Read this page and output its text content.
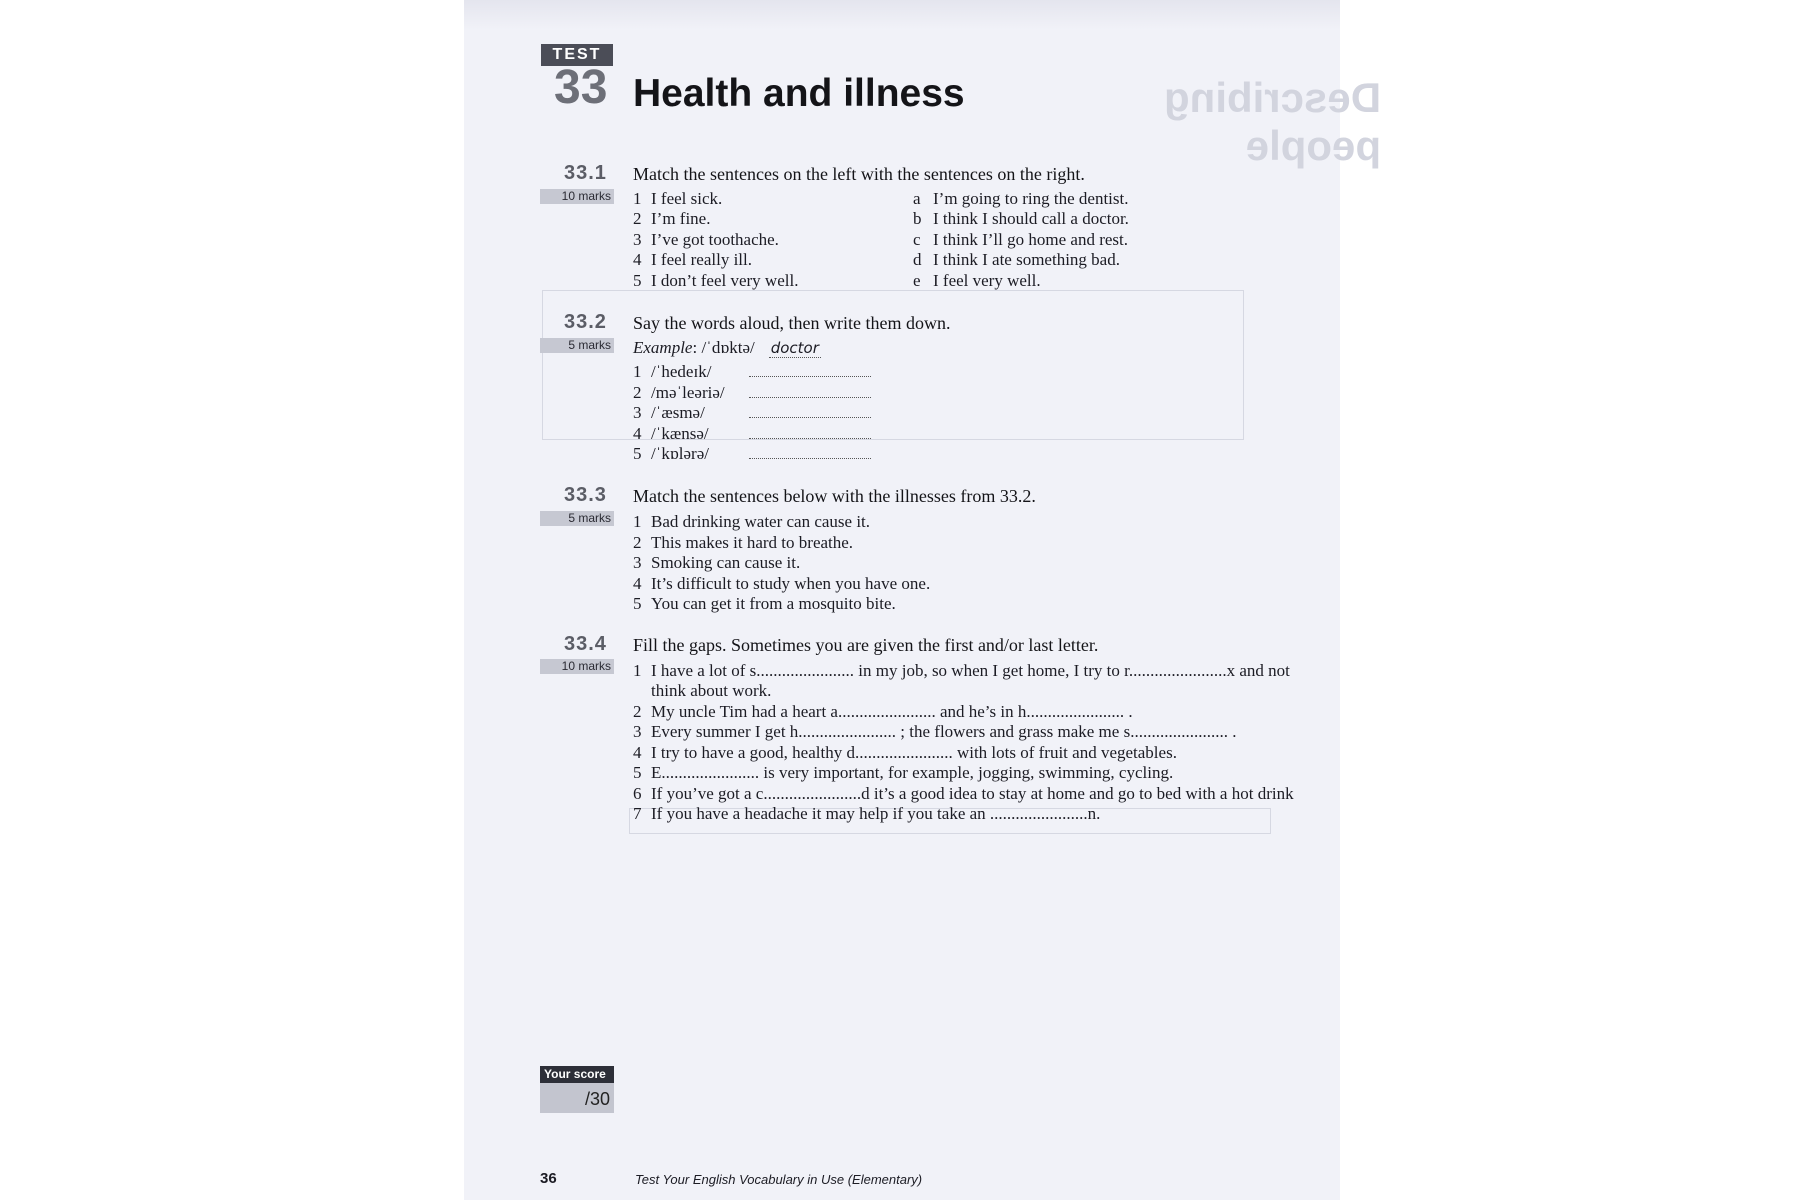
Describing people
TEST
33 Health and illness
33.1
10 marks

Match the sentences on the left with the sentences on the right.

1 I feel sick.
2 I’m fine.
3 I’ve got toothache.
4 I feel really ill.
5 I don’t feel very well.
a I’m going to ring the dentist.
b I think I should call a doctor.
c I think I’ll go home and rest.
d I think I ate something bad.
e I feel very well.
33.2
5 marks

Say the words aloud, then write them down.

Example: /ˈdɒktə/ doctor
1 /ˈhedeɪk/
2 /məˈleəriə/
3 /ˈæsmə/
4 /ˈkænsə/
5 /ˈkɒlərə/
33.3
5 marks

Match the sentences below with the illnesses from 33.2.

1 Bad drinking water can cause it.
2 This makes it hard to breathe.
3 Smoking can cause it.
4 It’s difficult to study when you have one.
5 You can get it from a mosquito bite.
33.4
10 marks

Fill the gaps. Sometimes you are given the first and/or last letter.

1 I have a lot of s....................... in my job, so when I get home, I try to r.......................x and not
think about work.
2 My uncle Tim had a heart a....................... and he’s in h....................... .
3 Every summer I get h....................... ; the flowers and grass make me s....................... .
4 I try to have a good, healthy d....................... with lots of fruit and vegetables.
5 E....................... is very important, for example, jogging, swimming, cycling.
6 If you’ve got a c.......................d it’s a good idea to stay at home and go to bed with a hot drink
7 If you have a headache it may help if you take an .......................n.
Your score
/30
36	Test Your English Vocabulary in Use (Elementary)
